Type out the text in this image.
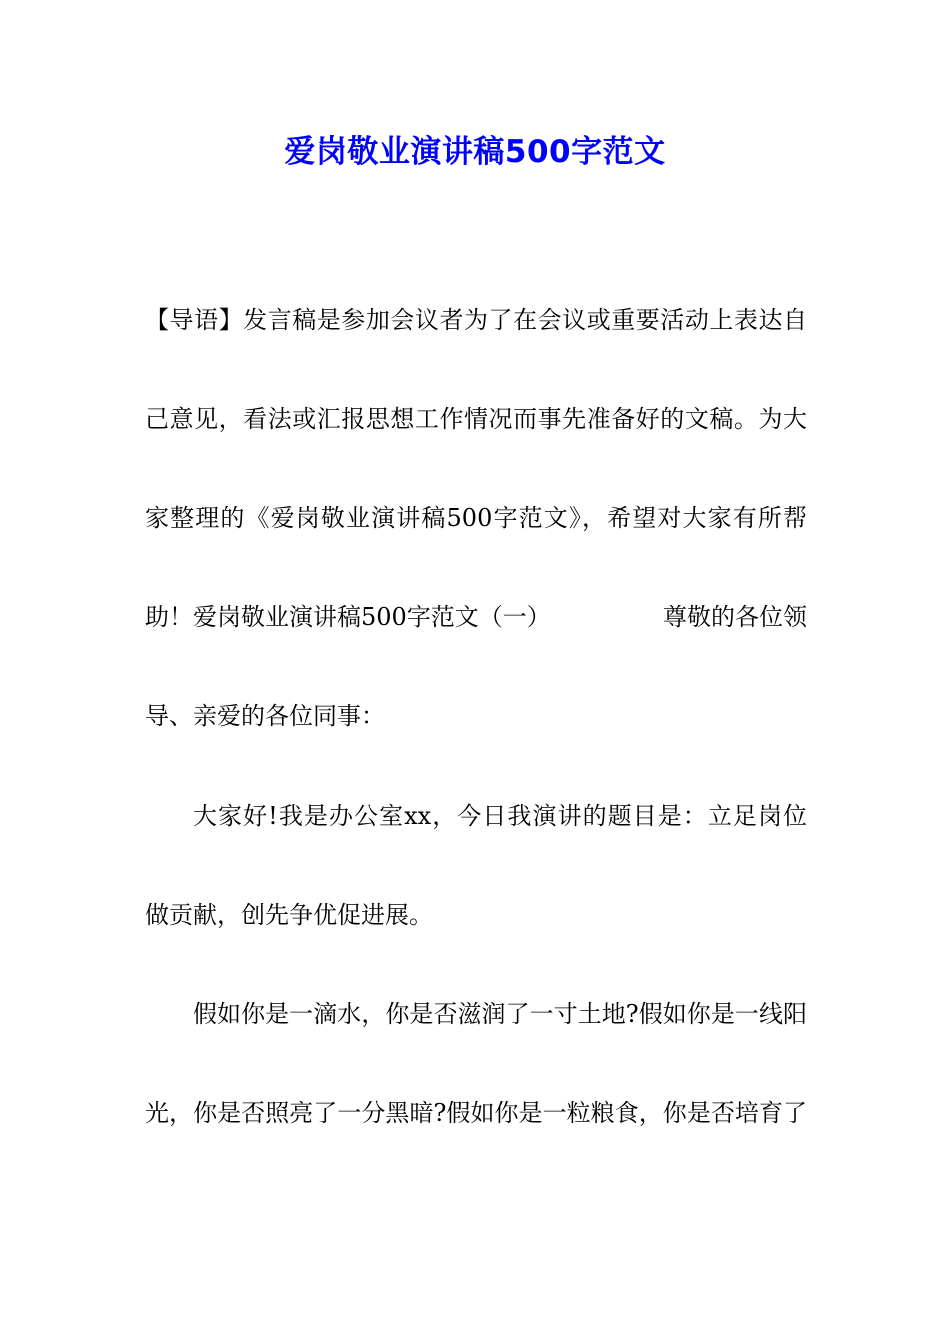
爱岗敬业演讲稿500字范文
【导语】发言稿是参加会议者为了在会议或重要活动上表达自
己意见，看法或汇报思想工作情况而事先准备好的文稿。为大
家整理的《爱岗敬业演讲稿500字范文》，希望对大家有所帮
助！爱岗敬业演讲稿500字范文（一）	尊敬的各位领
导、亲爱的各位同事：
大家好!我是办公室xx，今日我演讲的题目是：立足岗位
做贡献，创先争优促进展。
假如你是一滴水，你是否滋润了一寸土地?假如你是一线阳
光，你是否照亮了一分黑暗?假如你是一粒粮食，你是否培育了
